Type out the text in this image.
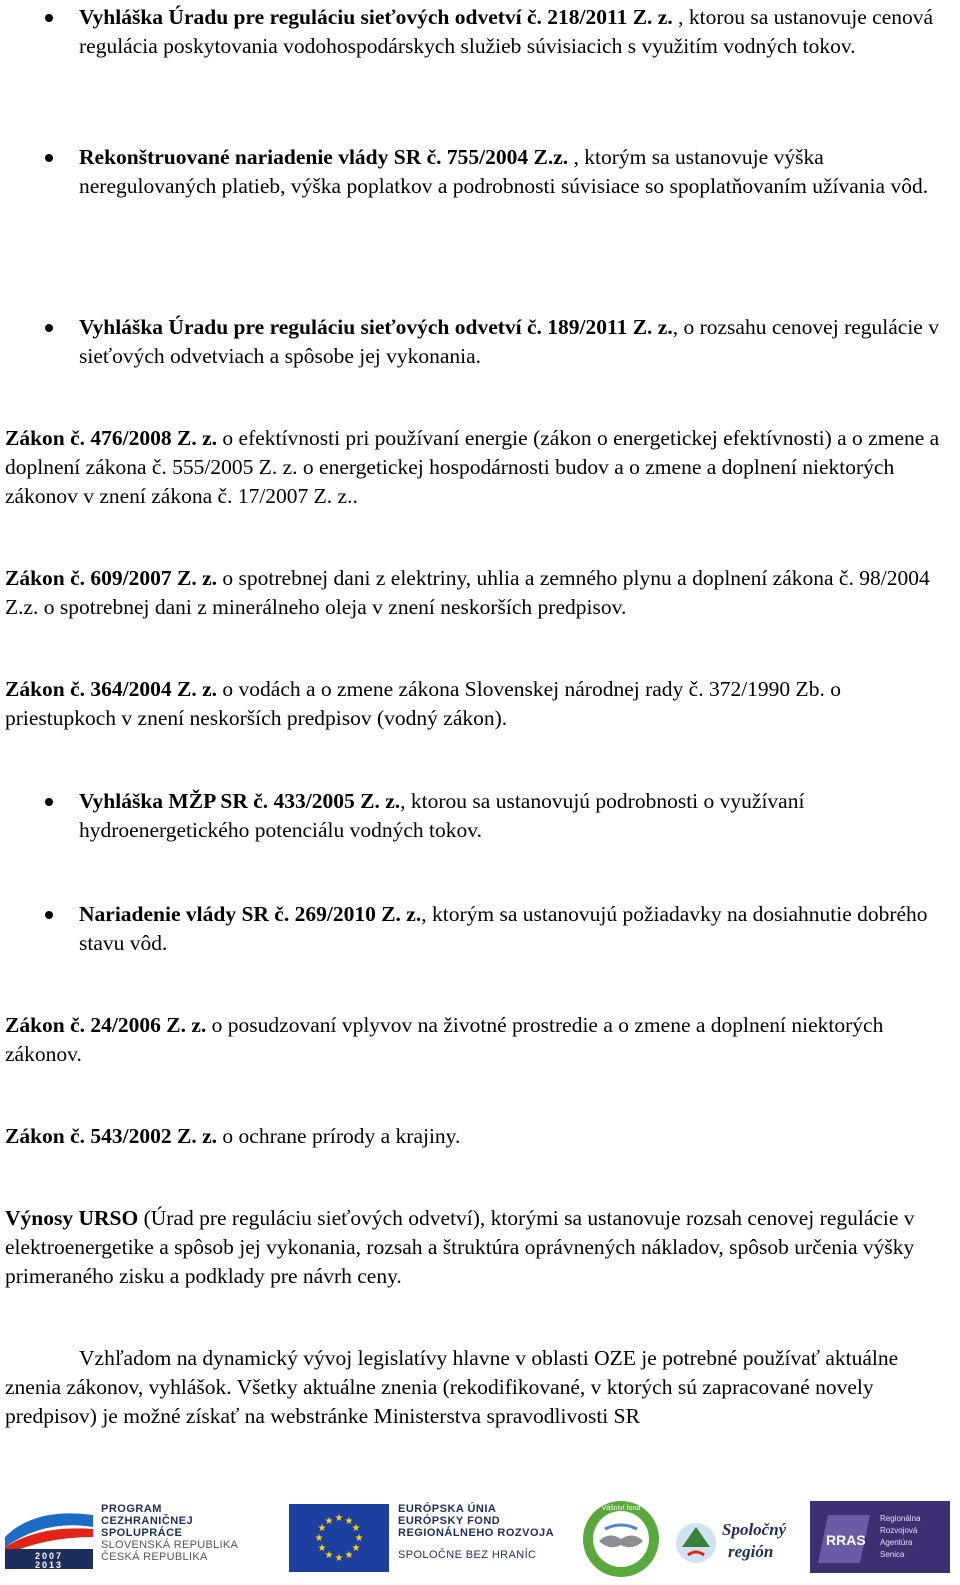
Vyhláška Úradu pre reguláciu sieťových odvetví č. 218/2011 Z. z. , ktorou sa ustanovuje cenová regulácia poskytovania vodohospodárskych služieb súvisiacich s využitím vodných tokov.

Rekonštruované nariadenie vlády SR č. 755/2004 Z.z. , ktorým sa ustanovuje výška neregulovaných platieb, výška poplatkov a podrobnosti súvisiace so spoplatňovaním užívania vôd.

Vyhláška Úradu pre reguláciu sieťových odvetví č. 189/2011 Z. z., o rozsahu cenovej regulácie v sieťových odvetviach a spôsobe jej vykonania.

Zákon č. 476/2008 Z. z. o efektívnosti pri používaní energie (zákon o energetickej efektívnosti) a o zmene a doplnení zákona č. 555/2005 Z. z. o energetickej hospodárnosti budov a o zmene a doplnení niektorých zákonov v znení zákona č. 17/2007 Z. z..

Zákon č. 609/2007 Z. z. o spotrebnej dani z elektriny, uhlia a zemného plynu a doplnení zákona č. 98/2004 Z.z. o spotrebnej dani z minerálneho oleja v znení neskorších predpisov.

Zákon č. 364/2004 Z. z. o vodách a o zmene zákona Slovenskej národnej rady č. 372/1990 Zb. o priestupkoch v znení neskorších predpisov (vodný zákon).

Vyhláška MŽP SR č. 433/2005 Z. z., ktorou sa ustanovujú podrobnosti o využívaní hydroenergetického potenciálu vodných tokov.

Nariadenie vlády SR č. 269/2010 Z. z., ktorým sa ustanovujú požiadavky na dosiahnutie dobrého stavu vôd.

Zákon č. 24/2006 Z. z. o posudzovaní vplyvov na životné prostredie a o zmene a doplnení niektorých zákonov.

Zákon č. 543/2002 Z. z. o ochrane prírody a krajiny.

Výnosy URSO (Úrad pre reguláciu sieťových odvetví), ktorými sa ustanovuje rozsah cenovej regulácie v elektroenergetike a spôsob jej vykonania, rozsah a štruktúra oprávnených nákladov, spôsob určenia výšky primeraného zisku a podklady pre návrh ceny.

Vzhľadom na dynamický vývoj legislatívy hlavne v oblasti OZE je potrebné používať aktuálne znenia zákonov, vyhlášok. Všetky aktuálne znenia (rekodifikované, v ktorých sú zapracované novely predpisov) je možné získať na webstránke Ministerstva spravodlivosti SR

2007
2013
PROGRAM
CEZHRANIČNEJ
SPOLUPRÁCE
SLOVENSKÁ REPUBLIKA
ČESKÁ REPUBLIKA
★ ★
★
★
★
★
★
★
★
★
★
★
EURÓPSKA ÚNIA
EURÓPSKY FOND
REGIONÁLNEHO ROZVOJA
SPOLOČNE BEZ HRANÍC
Vášniví fond
Spoločný
región
RRAS
Regionálna
Rozvojová
Agentúra
Senica
